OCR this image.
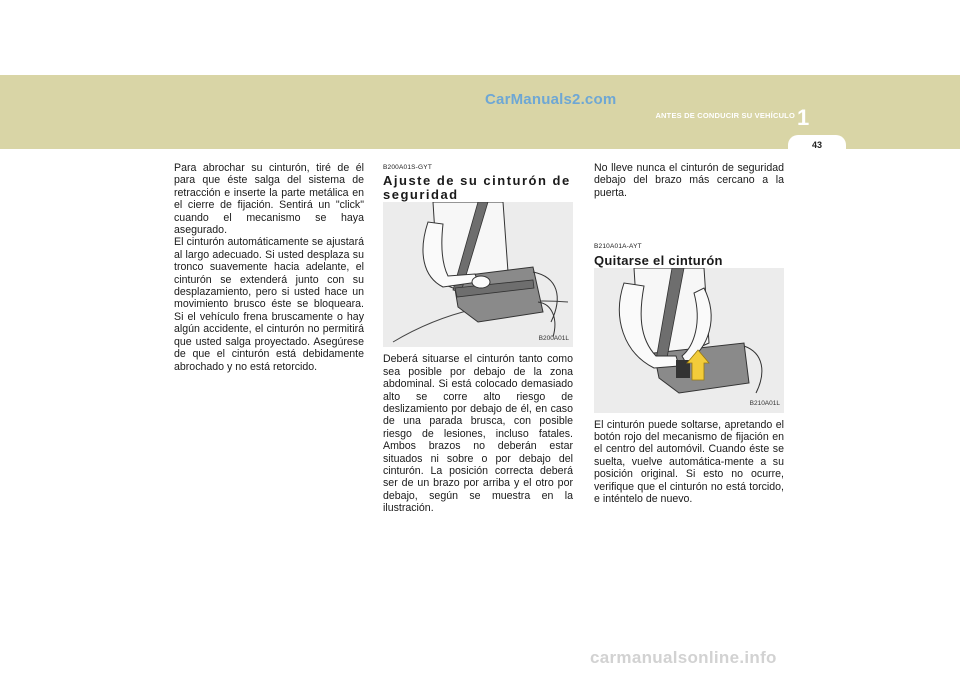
CarManuals2.com
ANTES DE CONDUCIR SU VEHÍCULO 1
43

Para abrochar su cinturón, tiré de él para que éste salga del sistema de retracción e inserte la parte metálica en el cierre de fijación. Sentirá un "click" cuando el mecanismo se haya asegurado.

El cinturón automáticamente se ajustará al largo adecuado. Si usted desplaza su tronco suavemente hacia adelante, el cinturón se extenderá junto con su desplazamiento, pero si usted hace un movimiento brusco éste se bloqueara. Si el vehículo frena bruscamente o hay algún accidente, el cinturón no permitirá que usted salga proyectado. Asegúrese de que el cinturón está debidamente abrochado y no está retorcido.

B200A01S-GYT

Ajuste de su cinturón de seguridad

B200A01L

Deberá situarse el cinturón tanto como sea posible por debajo de la zona abdominal. Si está colocado demasiado alto se corre alto riesgo de deslizamiento por debajo de él, en caso de una parada brusca, con posible riesgo de lesiones, incluso fatales. Ambos brazos no deberán estar situados ni sobre o por debajo del cinturón. La posición correcta deberá ser de un brazo por arriba y el otro por debajo, según se muestra en la ilustración.

No lleve nunca el cinturón de seguridad debajo del brazo más cercano a la puerta.

B210A01A-AYT

Quitarse el cinturón

B210A01L

El cinturón puede soltarse, apretando el botón rojo del mecanismo de fijación en el centro del automóvil. Cuando éste se suelta, vuelve automática-mente a su posición original. Si esto no ocurre, verifique que el cinturón no está torcido, e inténtelo de nuevo.

carmanualsonline.info
